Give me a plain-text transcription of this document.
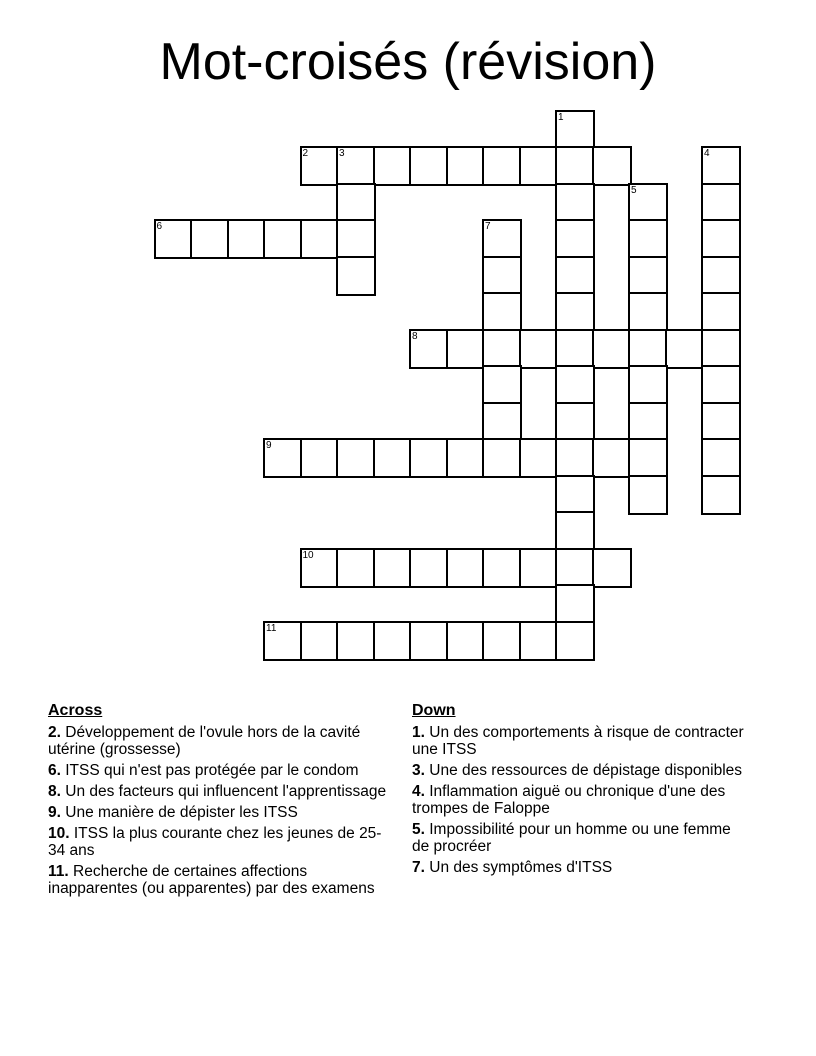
Mot-croisés (révision)
1
2	3	4
5
6	7
8
9
10
11
Across
2. Développement de l'ovule hors de la cavité utérine (grossesse)
6. ITSS qui n'est pas protégée par le condom
8. Un des facteurs qui influencent l'apprentissage
9. Une manière de dépister les ITSS
10. ITSS la plus courante chez les jeunes de 25-34 ans
11. Recherche de certaines affections inapparentes (ou apparentes) par des examens
Down
1. Un des comportements à risque de contracter une ITSS
3. Une des ressources de dépistage disponibles
4. Inflammation aiguë ou chronique d'une des trompes de Faloppe
5. Impossibilité pour un homme ou une femme de procréer
7. Un des symptômes d'ITSS
